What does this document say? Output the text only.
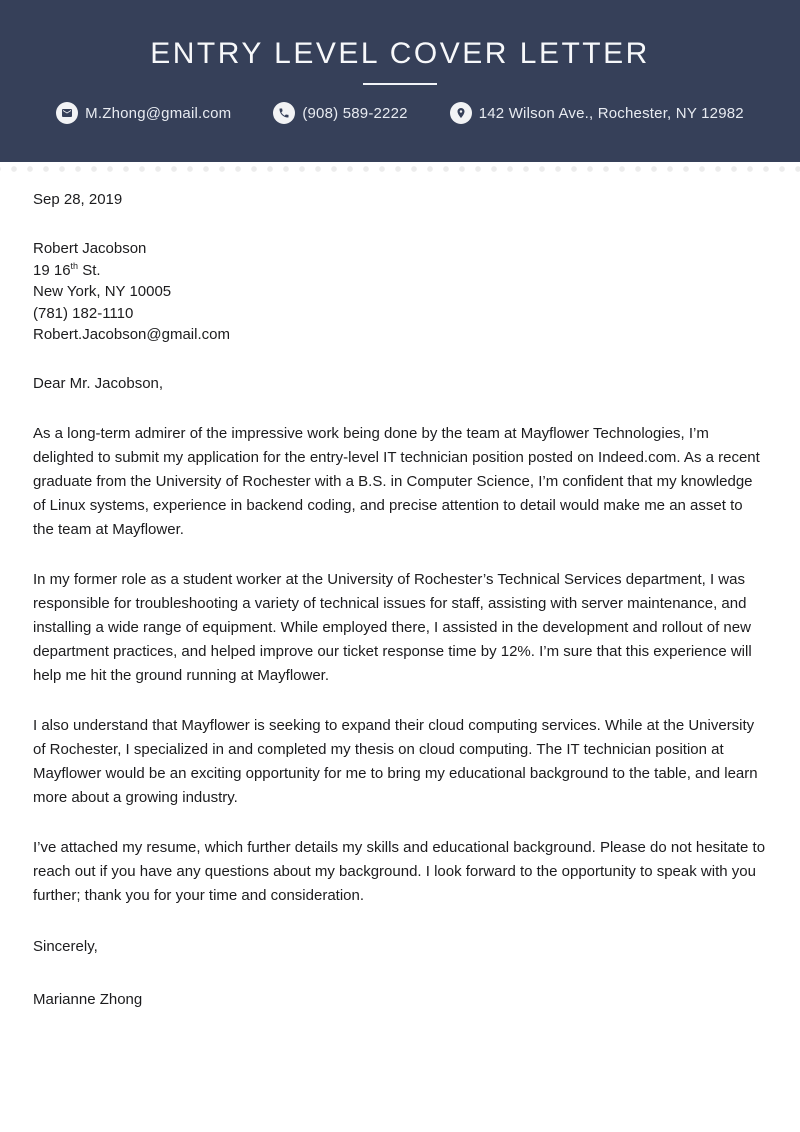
ENTRY LEVEL COVER LETTER
M.Zhong@gmail.com	(908) 589-2222	142 Wilson Ave., Rochester, NY 12982

Sep 28, 2019

Robert Jacobson
19 16th St.
New York, NY 10005
(781) 182-1110
Robert.Jacobson@gmail.com

Dear Mr. Jacobson,

As a long-term admirer of the impressive work being done by the team at Mayflower Technologies, I’m delighted to submit my application for the entry-level IT technician position posted on Indeed.com. As a recent graduate from the University of Rochester with a B.S. in Computer Science, I’m confident that my knowledge of Linux systems, experience in backend coding, and precise attention to detail would make me an asset to the team at Mayflower.

In my former role as a student worker at the University of Rochester’s Technical Services department, I was responsible for troubleshooting a variety of technical issues for staff, assisting with server maintenance, and installing a wide range of equipment. While employed there, I assisted in the development and rollout of new department practices, and helped improve our ticket response time by 12%. I’m sure that this experience will help me hit the ground running at Mayflower.

I also understand that Mayflower is seeking to expand their cloud computing services. While at the University of Rochester, I specialized in and completed my thesis on cloud computing. The IT technician position at Mayflower would be an exciting opportunity for me to bring my educational background to the table, and learn more about a growing industry.

I’ve attached my resume, which further details my skills and educational background. Please do not hesitate to reach out if you have any questions about my background. I look forward to the opportunity to speak with you further; thank you for your time and consideration.

Sincerely,

Marianne Zhong
